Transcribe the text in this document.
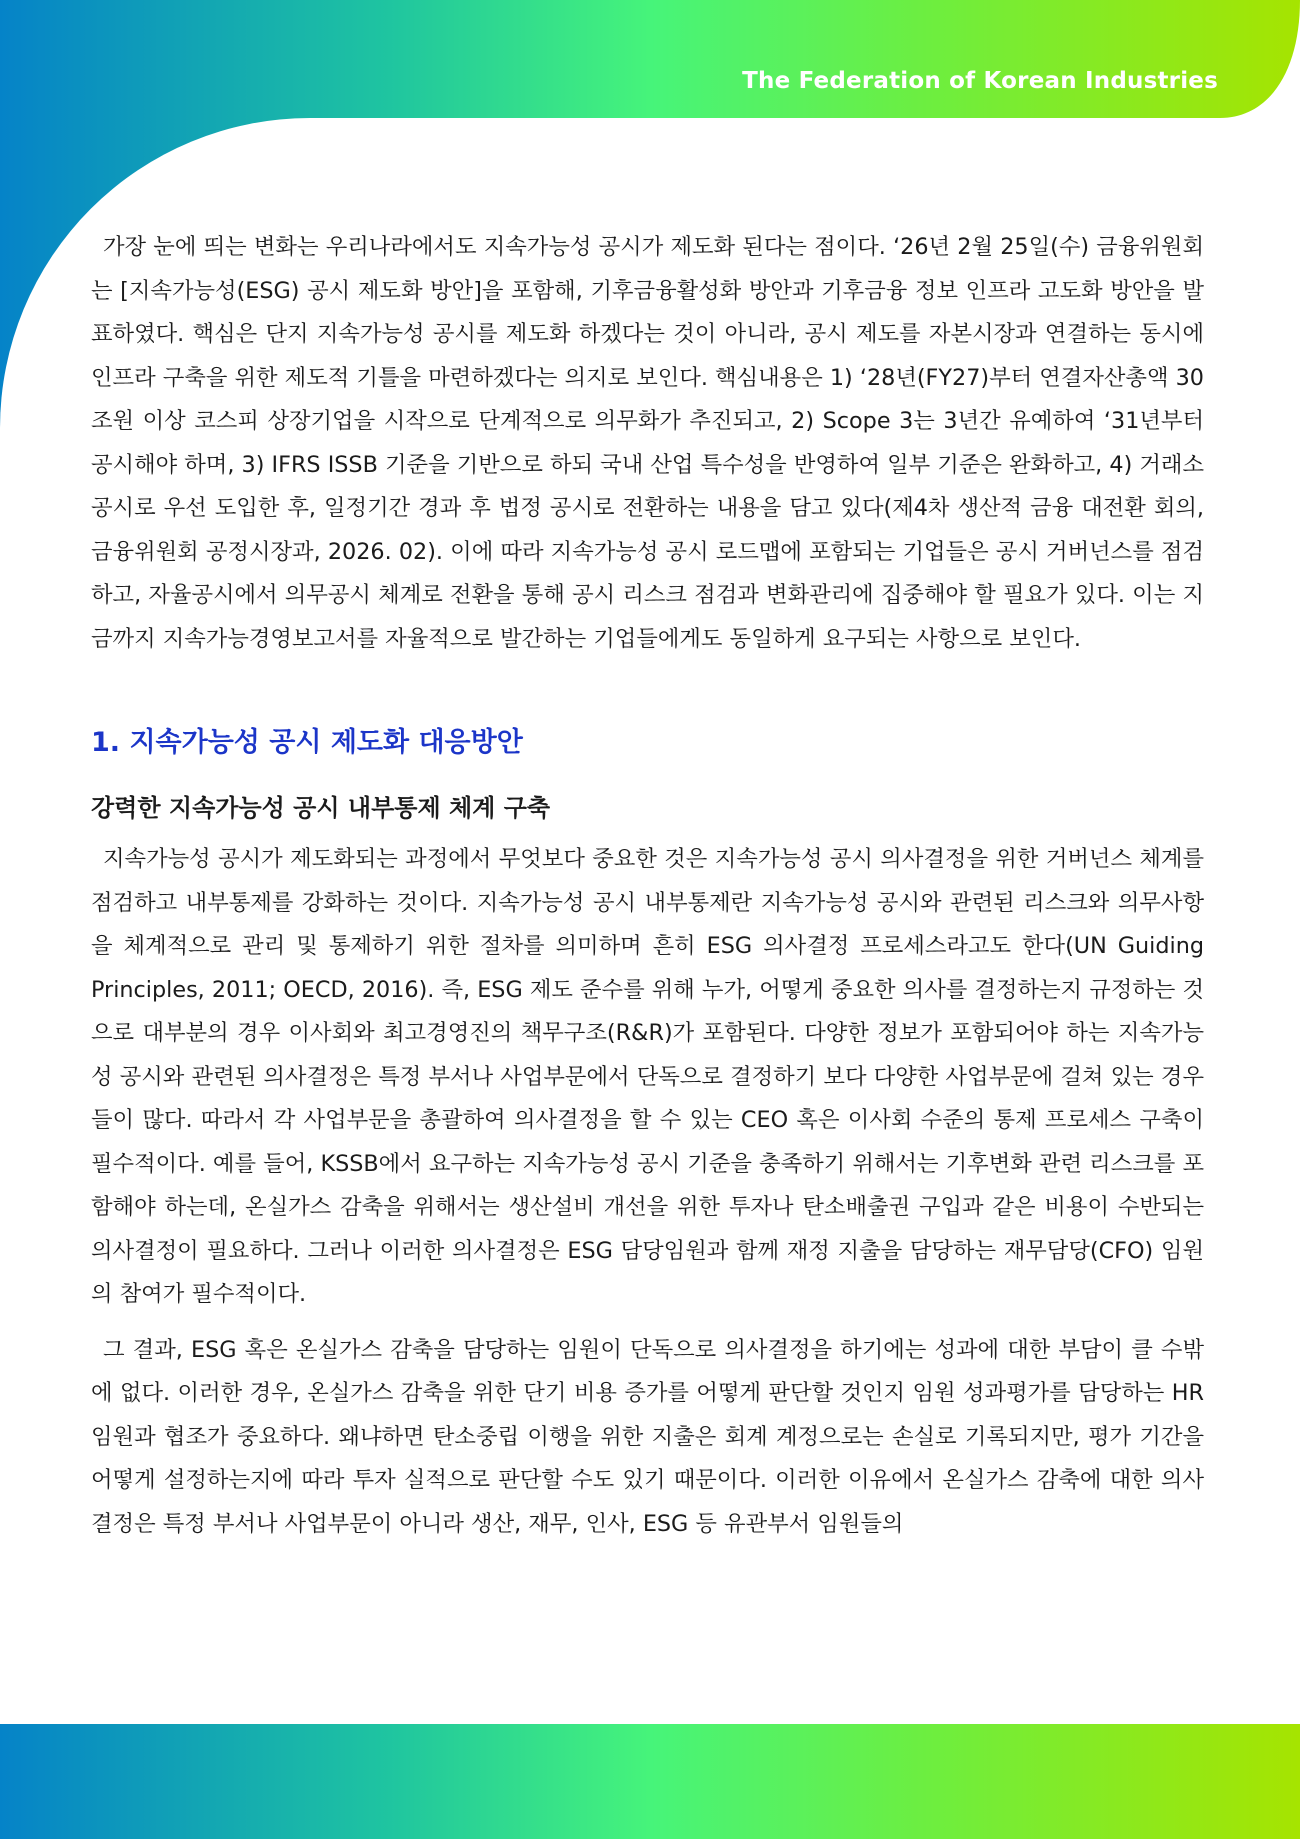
The Federation of Korean Industries

가장 눈에 띄는 변화는 우리나라에서도 지속가능성 공시가 제도화 된다는 점이다. ‘26년 2월 25일(수) 금융위원회는 [지속가능성(ESG) 공시 제도화 방안]을 포함해, 기후금융활성화 방안과 기후금융 정보 인프라 고도화 방안을 발표하였다. 핵심은 단지 지속가능성 공시를 제도화 하겠다는 것이 아니라, 공시 제도를 자본시장과 연결하는 동시에 인프라 구축을 위한 제도적 기틀을 마련하겠다는 의지로 보인다. 핵심내용은 1) ‘28년(FY27)부터 연결자산총액 30조원 이상 코스피 상장기업을 시작으로 단계적으로 의무화가 추진되고, 2) Scope 3는 3년간 유예하여 ‘31년부터 공시해야 하며, 3) IFRS ISSB 기준을 기반으로 하되 국내 산업 특수성을 반영하여 일부 기준은 완화하고, 4) 거래소 공시로 우선 도입한 후, 일정기간 경과 후 법정 공시로 전환하는 내용을 담고 있다(제4차 생산적 금융 대전환 회의, 금융위원회 공정시장과, 2026. 02). 이에 따라 지속가능성 공시 로드맵에 포함되는 기업들은 공시 거버넌스를 점검하고, 자율공시에서 의무공시 체계로 전환을 통해 공시 리스크 점검과 변화관리에 집중해야 할 필요가 있다. 이는 지금까지 지속가능경영보고서를 자율적으로 발간하는 기업들에게도 동일하게 요구되는 사항으로 보인다.

1. 지속가능성 공시 제도화 대응방안
강력한 지속가능성 공시 내부통제 체계 구축

지속가능성 공시가 제도화되는 과정에서 무엇보다 중요한 것은 지속가능성 공시 의사결정을 위한 거버넌스 체계를 점검하고 내부통제를 강화하는 것이다. 지속가능성 공시 내부통제란 지속가능성 공시와 관련된 리스크와 의무사항을 체계적으로 관리 및 통제하기 위한 절차를 의미하며 흔히 ESG 의사결정 프로세스라고도 한다(UN Guiding Principles, 2011; OECD, 2016). 즉, ESG 제도 준수를 위해 누가, 어떻게 중요한 의사를 결정하는지 규정하는 것으로 대부분의 경우 이사회와 최고경영진의 책무구조(R&R)가 포함된다. 다양한 정보가 포함되어야 하는 지속가능성 공시와 관련된 의사결정은 특정 부서나 사업부문에서 단독으로 결정하기 보다 다양한 사업부문에 걸쳐 있는 경우들이 많다. 따라서 각 사업부문을 총괄하여 의사결정을 할 수 있는 CEO 혹은 이사회 수준의 통제 프로세스 구축이 필수적이다. 예를 들어, KSSB에서 요구하는 지속가능성 공시 기준을 충족하기 위해서는 기후변화 관련 리스크를 포함해야 하는데, 온실가스 감축을 위해서는 생산설비 개선을 위한 투자나 탄소배출권 구입과 같은 비용이 수반되는 의사결정이 필요하다. 그러나 이러한 의사결정은 ESG 담당임원과 함께 재정 지출을 담당하는 재무담당(CFO) 임원의 참여가 필수적이다.

그 결과, ESG 혹은 온실가스 감축을 담당하는 임원이 단독으로 의사결정을 하기에는 성과에 대한 부담이 클 수밖에 없다. 이러한 경우, 온실가스 감축을 위한 단기 비용 증가를 어떻게 판단할 것인지 임원 성과평가를 담당하는 HR 임원과 협조가 중요하다. 왜냐하면 탄소중립 이행을 위한 지출은 회계 계정으로는 손실로 기록되지만, 평가 기간을 어떻게 설정하는지에 따라 투자 실적으로 판단할 수도 있기 때문이다. 이러한 이유에서 온실가스 감축에 대한 의사결정은 특정 부서나 사업부문이 아니라 생산, 재무, 인사, ESG 등 유관부서 임원들의
